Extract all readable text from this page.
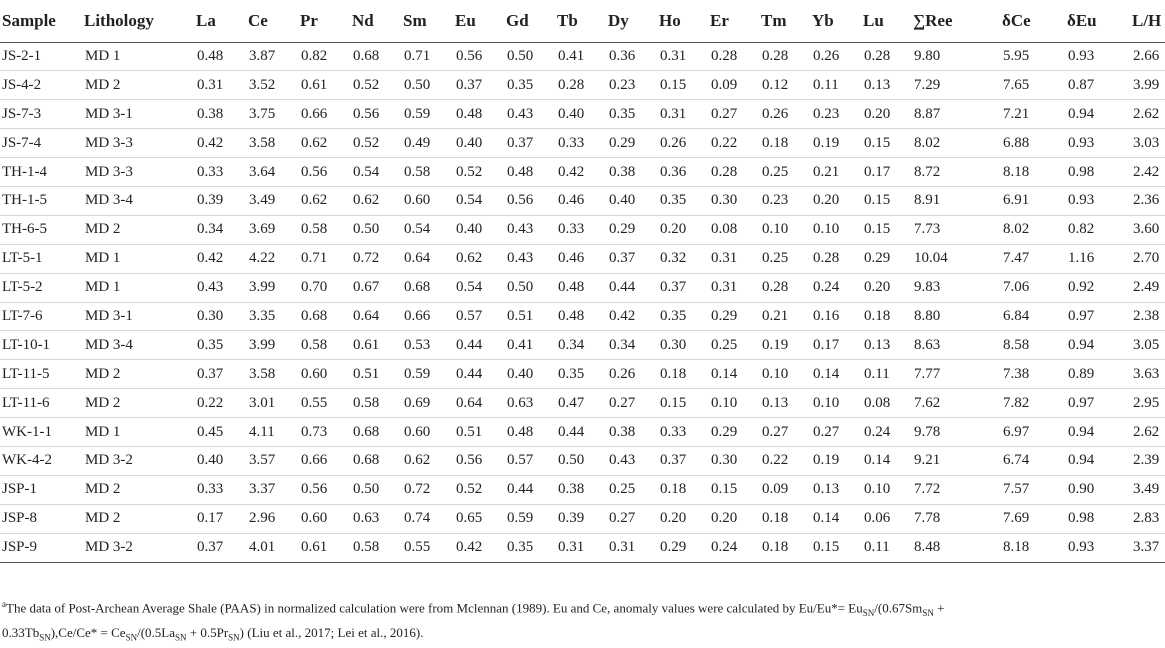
Sample	Lithology	La	Ce	Pr	Nd	Sm	Eu	Gd	Tb	Dy	Ho	Er	Tm	Yb	Lu	∑Ree	δCe	δEu	L/H
JS-2-1	MD 1	0.48	3.87	0.82	0.68	0.71	0.56	0.50	0.41	0.36	0.31	0.28	0.28	0.26	0.28	9.80	5.95	0.93	2.66
JS-4-2	MD 2	0.31	3.52	0.61	0.52	0.50	0.37	0.35	0.28	0.23	0.15	0.09	0.12	0.11	0.13	7.29	7.65	0.87	3.99
JS-7-3	MD 3-1	0.38	3.75	0.66	0.56	0.59	0.48	0.43	0.40	0.35	0.31	0.27	0.26	0.23	0.20	8.87	7.21	0.94	2.62
JS-7-4	MD 3-3	0.42	3.58	0.62	0.52	0.49	0.40	0.37	0.33	0.29	0.26	0.22	0.18	0.19	0.15	8.02	6.88	0.93	3.03
TH-1-4	MD 3-3	0.33	3.64	0.56	0.54	0.58	0.52	0.48	0.42	0.38	0.36	0.28	0.25	0.21	0.17	8.72	8.18	0.98	2.42
TH-1-5	MD 3-4	0.39	3.49	0.62	0.62	0.60	0.54	0.56	0.46	0.40	0.35	0.30	0.23	0.20	0.15	8.91	6.91	0.93	2.36
TH-6-5	MD 2	0.34	3.69	0.58	0.50	0.54	0.40	0.43	0.33	0.29	0.20	0.08	0.10	0.10	0.15	7.73	8.02	0.82	3.60
LT-5-1	MD 1	0.42	4.22	0.71	0.72	0.64	0.62	0.43	0.46	0.37	0.32	0.31	0.25	0.28	0.29	10.04	7.47	1.16	2.70
LT-5-2	MD 1	0.43	3.99	0.70	0.67	0.68	0.54	0.50	0.48	0.44	0.37	0.31	0.28	0.24	0.20	9.83	7.06	0.92	2.49
LT-7-6	MD 3-1	0.30	3.35	0.68	0.64	0.66	0.57	0.51	0.48	0.42	0.35	0.29	0.21	0.16	0.18	8.80	6.84	0.97	2.38
LT-10-1	MD 3-4	0.35	3.99	0.58	0.61	0.53	0.44	0.41	0.34	0.34	0.30	0.25	0.19	0.17	0.13	8.63	8.58	0.94	3.05
LT-11-5	MD 2	0.37	3.58	0.60	0.51	0.59	0.44	0.40	0.35	0.26	0.18	0.14	0.10	0.14	0.11	7.77	7.38	0.89	3.63
LT-11-6	MD 2	0.22	3.01	0.55	0.58	0.69	0.64	0.63	0.47	0.27	0.15	0.10	0.13	0.10	0.08	7.62	7.82	0.97	2.95
WK-1-1	MD 1	0.45	4.11	0.73	0.68	0.60	0.51	0.48	0.44	0.38	0.33	0.29	0.27	0.27	0.24	9.78	6.97	0.94	2.62
WK-4-2	MD 3-2	0.40	3.57	0.66	0.68	0.62	0.56	0.57	0.50	0.43	0.37	0.30	0.22	0.19	0.14	9.21	6.74	0.94	2.39
JSP-1	MD 2	0.33	3.37	0.56	0.50	0.72	0.52	0.44	0.38	0.25	0.18	0.15	0.09	0.13	0.10	7.72	7.57	0.90	3.49
JSP-8	MD 2	0.17	2.96	0.60	0.63	0.74	0.65	0.59	0.39	0.27	0.20	0.20	0.18	0.14	0.06	7.78	7.69	0.98	2.83
JSP-9	MD 3-2	0.37	4.01	0.61	0.58	0.55	0.42	0.35	0.31	0.31	0.29	0.24	0.18	0.15	0.11	8.48	8.18	0.93	3.37
$^a$The data of Post-Archean Average Shale (PAAS) in normalized calculation were from Mclennan (1989). Eu and Ce, anomaly values were calculated by $Eu/Eu*= Eu_{SN}/(0.67Sm_{SN}$ +
$0.33Tb_{SN}),Ce/Ce* = Ce_{SN}/(0.5La_{SN} + 0.5Pr_{SN})$ (Liu et al., 2017; Lei et al., 2016).
